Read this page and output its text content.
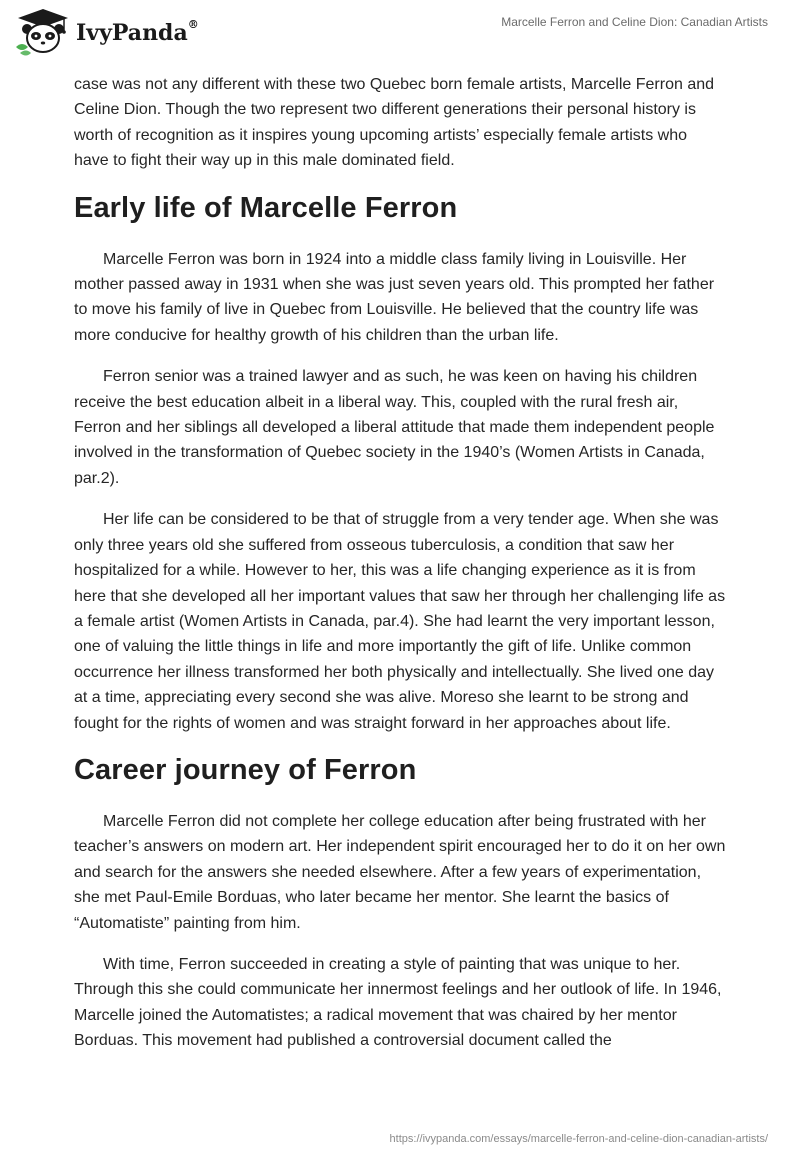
IvyPanda®	Marcelle Ferron and Celine Dion: Canadian Artists

case was not any different with these two Quebec born female artists, Marcelle Ferron and Celine Dion. Though the two represent two different generations their personal history is worth of recognition as it inspires young upcoming artists’ especially female artists who have to fight their way up in this male dominated field.

Early life of Marcelle Ferron

Marcelle Ferron was born in 1924 into a middle class family living in Louisville. Her mother passed away in 1931 when she was just seven years old. This prompted her father to move his family of live in Quebec from Louisville. He believed that the country life was more conducive for healthy growth of his children than the urban life.

Ferron senior was a trained lawyer and as such, he was keen on having his children receive the best education albeit in a liberal way. This, coupled with the rural fresh air, Ferron and her siblings all developed a liberal attitude that made them independent people involved in the transformation of Quebec society in the 1940’s (Women Artists in Canada, par.2).

Her life can be considered to be that of struggle from a very tender age. When she was only three years old she suffered from osseous tuberculosis, a condition that saw her hospitalized for a while. However to her, this was a life changing experience as it is from here that she developed all her important values that saw her through her challenging life as a female artist (Women Artists in Canada, par.4). She had learnt the very important lesson, one of valuing the little things in life and more importantly the gift of life. Unlike common occurrence her illness transformed her both physically and intellectually. She lived one day at a time, appreciating every second she was alive. Moreso she learnt to be strong and fought for the rights of women and was straight forward in her approaches about life.

Career journey of Ferron

Marcelle Ferron did not complete her college education after being frustrated with her teacher’s answers on modern art. Her independent spirit encouraged her to do it on her own and search for the answers she needed elsewhere. After a few years of experimentation, she met Paul-Emile Borduas, who later became her mentor. She learnt the basics of “Automatiste” painting from him.

With time, Ferron succeeded in creating a style of painting that was unique to her. Through this she could communicate her innermost feelings and her outlook of life. In 1946, Marcelle joined the Automatistes; a radical movement that was chaired by her mentor Borduas. This movement had published a controversial document called the

https://ivypanda.com/essays/marcelle-ferron-and-celine-dion-canadian-artists/
